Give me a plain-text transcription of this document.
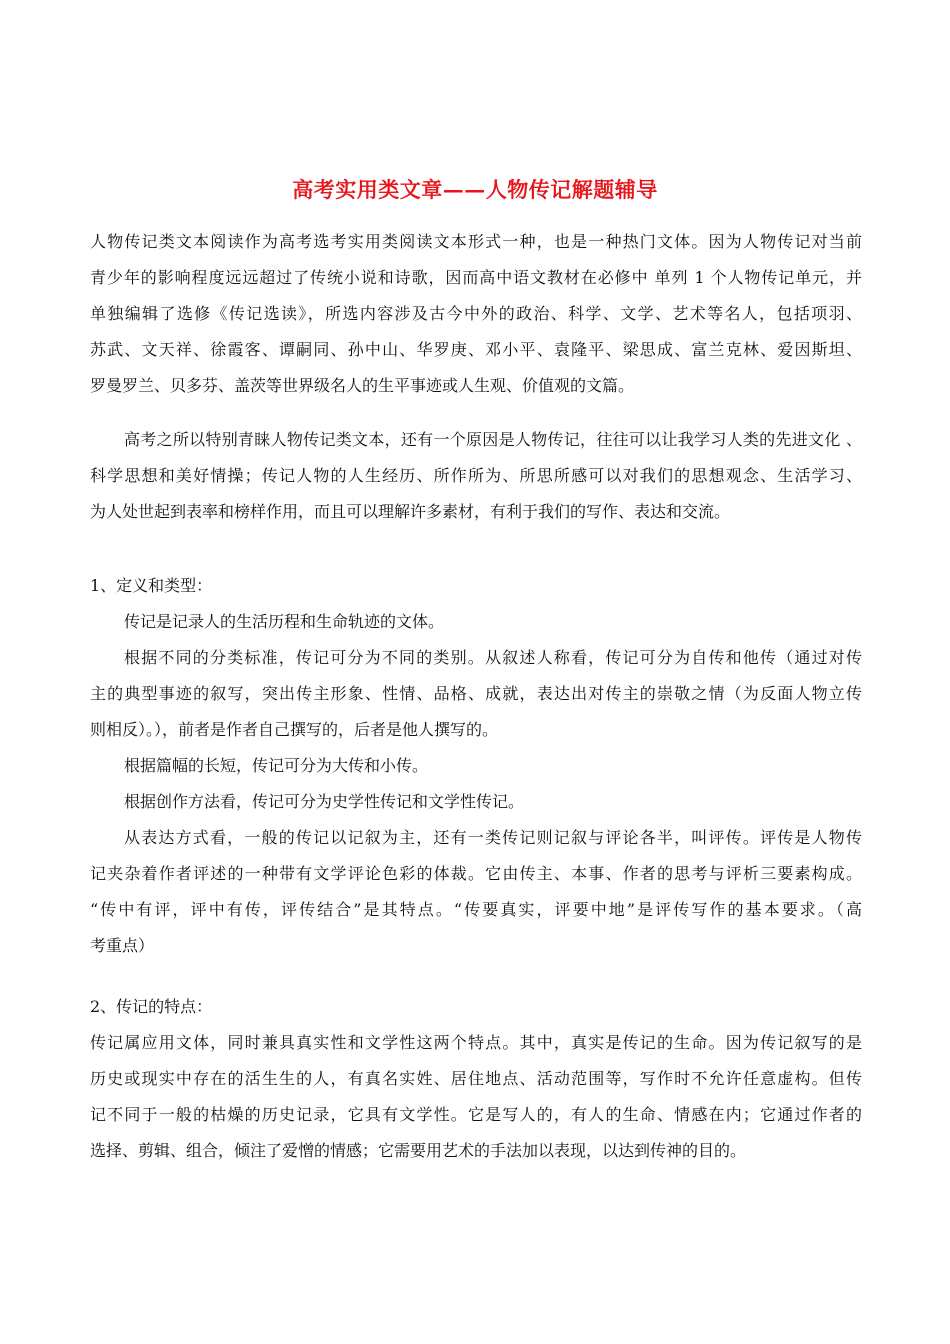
高考实用类文章——人物传记解题辅导
人物传记类文本阅读作为高考选考实用类阅读文本形式一种，也是一种热门文体。因为人物传记对当前
青少年的影响程度远远超过了传统小说和诗歌，因而高中语文教材在必修中 单列 1 个人物传记单元，并
单独编辑了选修《传记选读》，所选内容涉及古今中外的政治、科学、文学、艺术等名人，包括项羽、
苏武、文天祥、徐霞客、谭嗣同、孙中山、华罗庚、邓小平、袁隆平、梁思成、富兰克林、爱因斯坦、
罗曼罗兰、贝多芬、盖茨等世界级名人的生平事迹或人生观、价值观的文篇。
高考之所以特别青睐人物传记类文本，还有一个原因是人物传记，往往可以让我学习人类的先进文化 、
科学思想和美好情操；传记人物的人生经历、所作所为、所思所感可以对我们的思想观念、生活学习、
为人处世起到表率和榜样作用，而且可以理解许多素材，有利于我们的写作、表达和交流。
1、定义和类型：
传记是记录人的生活历程和生命轨迹的文体。
根据不同的分类标准，传记可分为不同的类别。从叙述人称看，传记可分为自传和他传（通过对传
主的典型事迹的叙写，突出传主形象、性情、品格、成就，表达出对传主的崇敬之情（为反面人物立传
则相反）。），前者是作者自己撰写的，后者是他人撰写的。
根据篇幅的长短，传记可分为大传和小传。
根据创作方法看，传记可分为史学性传记和文学性传记。
从表达方式看，一般的传记以记叙为主，还有一类传记则记叙与评论各半，叫评传。评传是人物传
记夹杂着作者评述的一种带有文学评论色彩的体裁。它由传主、本事、作者的思考与评析三要素构成。
“传中有评，评中有传，评传结合”是其特点。“传要真实，评要中地”是评传写作的基本要求。（高
考重点）
2、传记的特点：
传记属应用文体，同时兼具真实性和文学性这两个特点。其中，真实是传记的生命。因为传记叙写的是
历史或现实中存在的活生生的人，有真名实姓、居住地点、活动范围等，写作时不允许任意虚构。但传
记不同于一般的枯燥的历史记录，它具有文学性。它是写人的，有人的生命、情感在内；它通过作者的
选择、剪辑、组合，倾注了爱憎的情感；它需要用艺术的手法加以表现，以达到传神的目的。
